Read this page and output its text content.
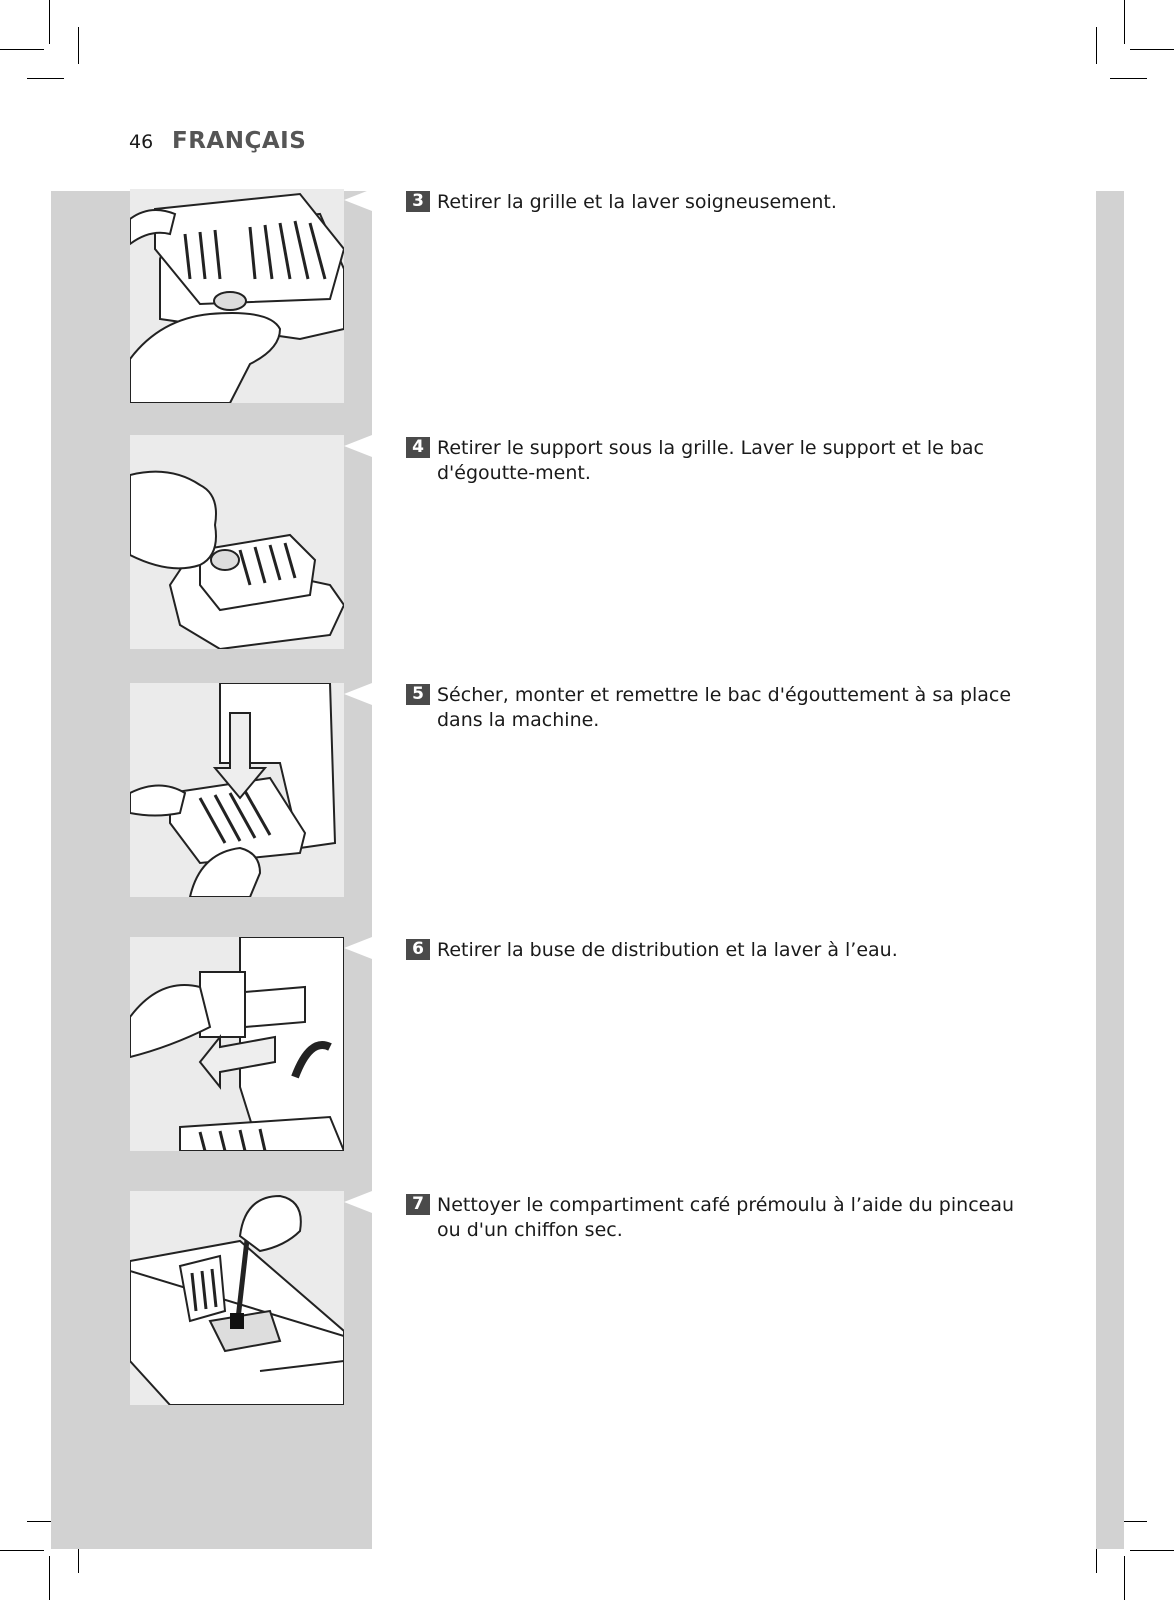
46 FRANÇAIS
3 Retirer la grille et la laver soigneusement.
4 Retirer le support sous la grille. Laver le support et le bac d'égoutte-ment.
5 Sécher, monter et remettre le bac d'égouttement à sa place dans la machine.
6 Retirer la buse de distribution et la laver à l’eau.
7 Nettoyer le compartiment café prémoulu à l’aide du pinceau ou d'un chiffon sec.
